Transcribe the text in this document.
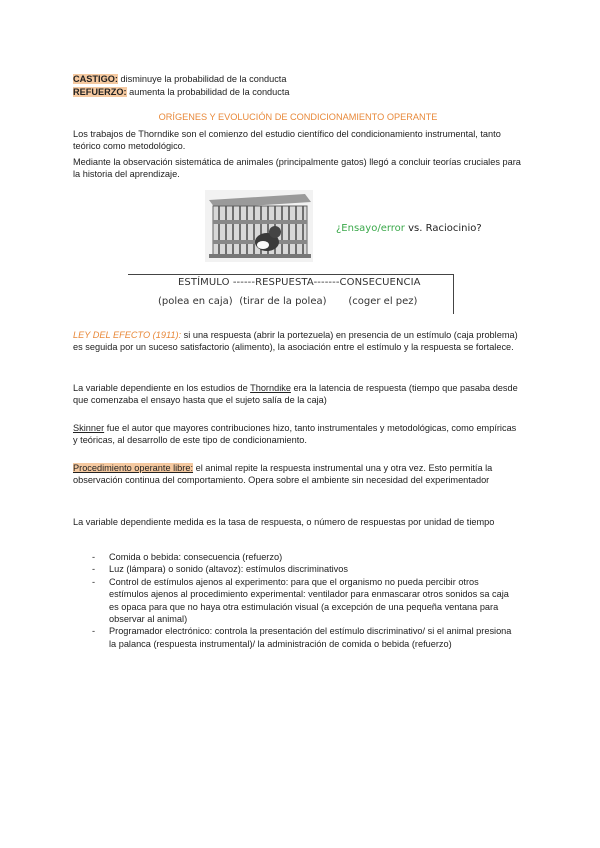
CASTIGO: disminuye la probabilidad de la conducta
REFUERZO: aumenta la probabilidad de la conducta
ORÍGENES Y EVOLUCIÓN DE CONDICIONAMIENTO OPERANTE
Los trabajos de Thorndike son el comienzo del estudio científico del condicionamiento instrumental, tanto teórico como metodológico.
Mediante la observación sistemática de animales (principalmente gatos) llegó a concluir teorías cruciales para la historia del aprendizaje.
¿Ensayo/error vs. Raciocinio?
ESTÍMULO ------RESPUESTA-------CONSECUENCIA
(polea en caja) (tirar de la polea) (coger el pez)
LEY DEL EFECTO (1911): si una respuesta (abrir la portezuela) en presencia de un estímulo (caja problema) es seguida por un suceso satisfactorio (alimento), la asociación entre el estímulo y la respuesta se fortalece.
La variable dependiente en los estudios de Thorndike era la latencia de respuesta (tiempo que pasaba desde que comenzaba el ensayo hasta que el sujeto salía de la caja)
Skinner fue el autor que mayores contribuciones hizo, tanto instrumentales y metodológicas, como empíricas y teóricas, al desarrollo de este tipo de condicionamiento.
Procedimiento operante libre: el animal repite la respuesta instrumental una y otra vez. Esto permitía la observación continua del comportamiento. Opera sobre el ambiente sin necesidad del experimentador
La variable dependiente medida es la tasa de respuesta, o número de respuestas por unidad de tiempo
- Comida o bebida: consecuencia (refuerzo)
- Luz (lámpara) o sonido (altavoz): estímulos discriminativos
- Control de estímulos ajenos al experimento: para que el organismo no pueda percibir otros estímulos ajenos al procedimiento experimental: ventilador para enmascarar otros sonidos sa caja es opaca para que no haya otra estimulación visual (a excepción de una pequeña ventana para observar al animal)
- Programador electrónico: controla la presentación del estímulo discriminativo/ si el animal presiona la palanca (respuesta instrumental)/ la administración de comida o bebida (refuerzo)
